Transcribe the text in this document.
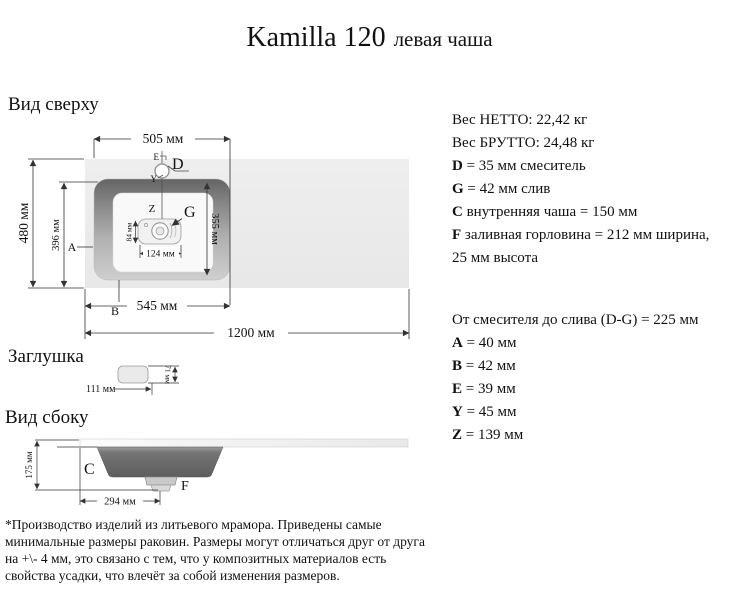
Kamilla 120 левая чаша
Вид сверху
Заглушка
Вид сбоку
505 мм
480 мм 396 мм A
355 мм
E D
Y
Z G
84 мм
124 мм
545 мм
B
1200 мм
111 мм
71 мм
C
F
175 мм
294 мм
Вес НЕТТО: 22,42 кг
Вес БРУТТО: 24,48 кг
D = 35 мм смеситель
G = 42 мм слив
C внутренняя чаша = 150 мм
F заливная горловина = 212 мм ширина,
25 мм высота
От смесителя до слива (D-G) = 225 мм
A = 40 мм
B = 42 мм
E = 39 мм
Y = 45 мм
Z = 139 мм
*Производство изделий из литьевого мрамора. Приведены самые
минимальные размеры раковин. Размеры могут отличаться друг от друга
на +\- 4 мм, это связано с тем, что у композитных материалов есть
свойства усадки, что влечёт за собой изменения размеров.
